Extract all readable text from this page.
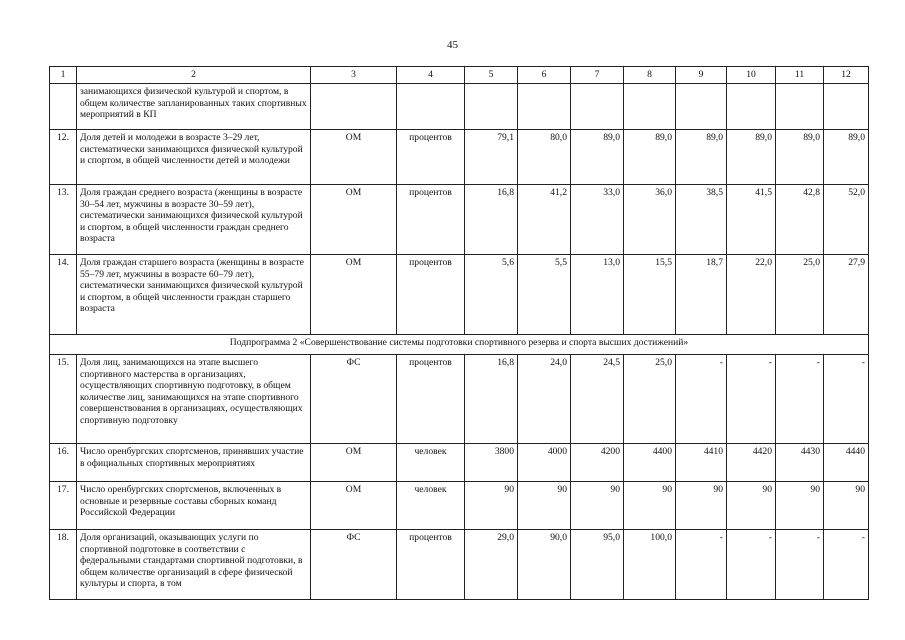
45
1	2	3	4	5	6	7	8	9	10	11	12
	занимающихся физической культурой и спортом, в общем количестве запланированных таких спортивных мероприятий в КП										
12.	Доля детей и молодежи в возрасте 3–29 лет, систематически занимающихся физической культурой и спортом, в общей численности детей и молодежи	ОМ	процентов	79,1	80,0	89,0	89,0	89,0	89,0	89,0	89,0
13.	Доля граждан среднего возраста (женщины в возрасте 30–54 лет, мужчины в возрасте 30–59 лет), систематически занимающихся физической культурой и спортом, в общей численности граждан среднего возраста	ОМ	процентов	16,8	41,2	33,0	36,0	38,5	41,5	42,8	52,0
14.	Доля граждан старшего возраста (женщины в возрасте 55–79 лет, мужчины в возрасте 60–79 лет), систематически занимающихся физической культурой и спортом, в общей численности граждан старшего возраста	ОМ	процентов	5,6	5,5	13,0	15,5	18,7	22,0	25,0	27,9
Подпрограмма 2 «Совершенствование системы подготовки спортивного резерва и спорта высших достижений»											
15.	Доля лиц, занимающихся на этапе высшего спортивного мастерства в организациях, осуществляющих спортивную подготовку, в общем количестве лиц, занимающихся на этапе спортивного совершенствования в организациях, осуществляющих спортивную подготовку	ФС	процентов	16,8	24,0	24,5	25,0	-	-	-	-
16.	Число оренбургских спортсменов, принявших участие в официальных спортивных мероприятиях	ОМ	человек	3800	4000	4200	4400	4410	4420	4430	4440
17.	Число оренбургских спортсменов, включенных в основные и резервные составы сборных команд Российской Федерации	ОМ	человек	90	90	90	90	90	90	90	90
18.	Доля организаций, оказывающих услуги по спортивной подготовке в соответствии с федеральными стандартами спортивной подготовки, в общем количестве организаций в сфере физической культуры и спорта, в том	ФС	процентов	29,0	90,0	95,0	100,0	-	-	-	-
